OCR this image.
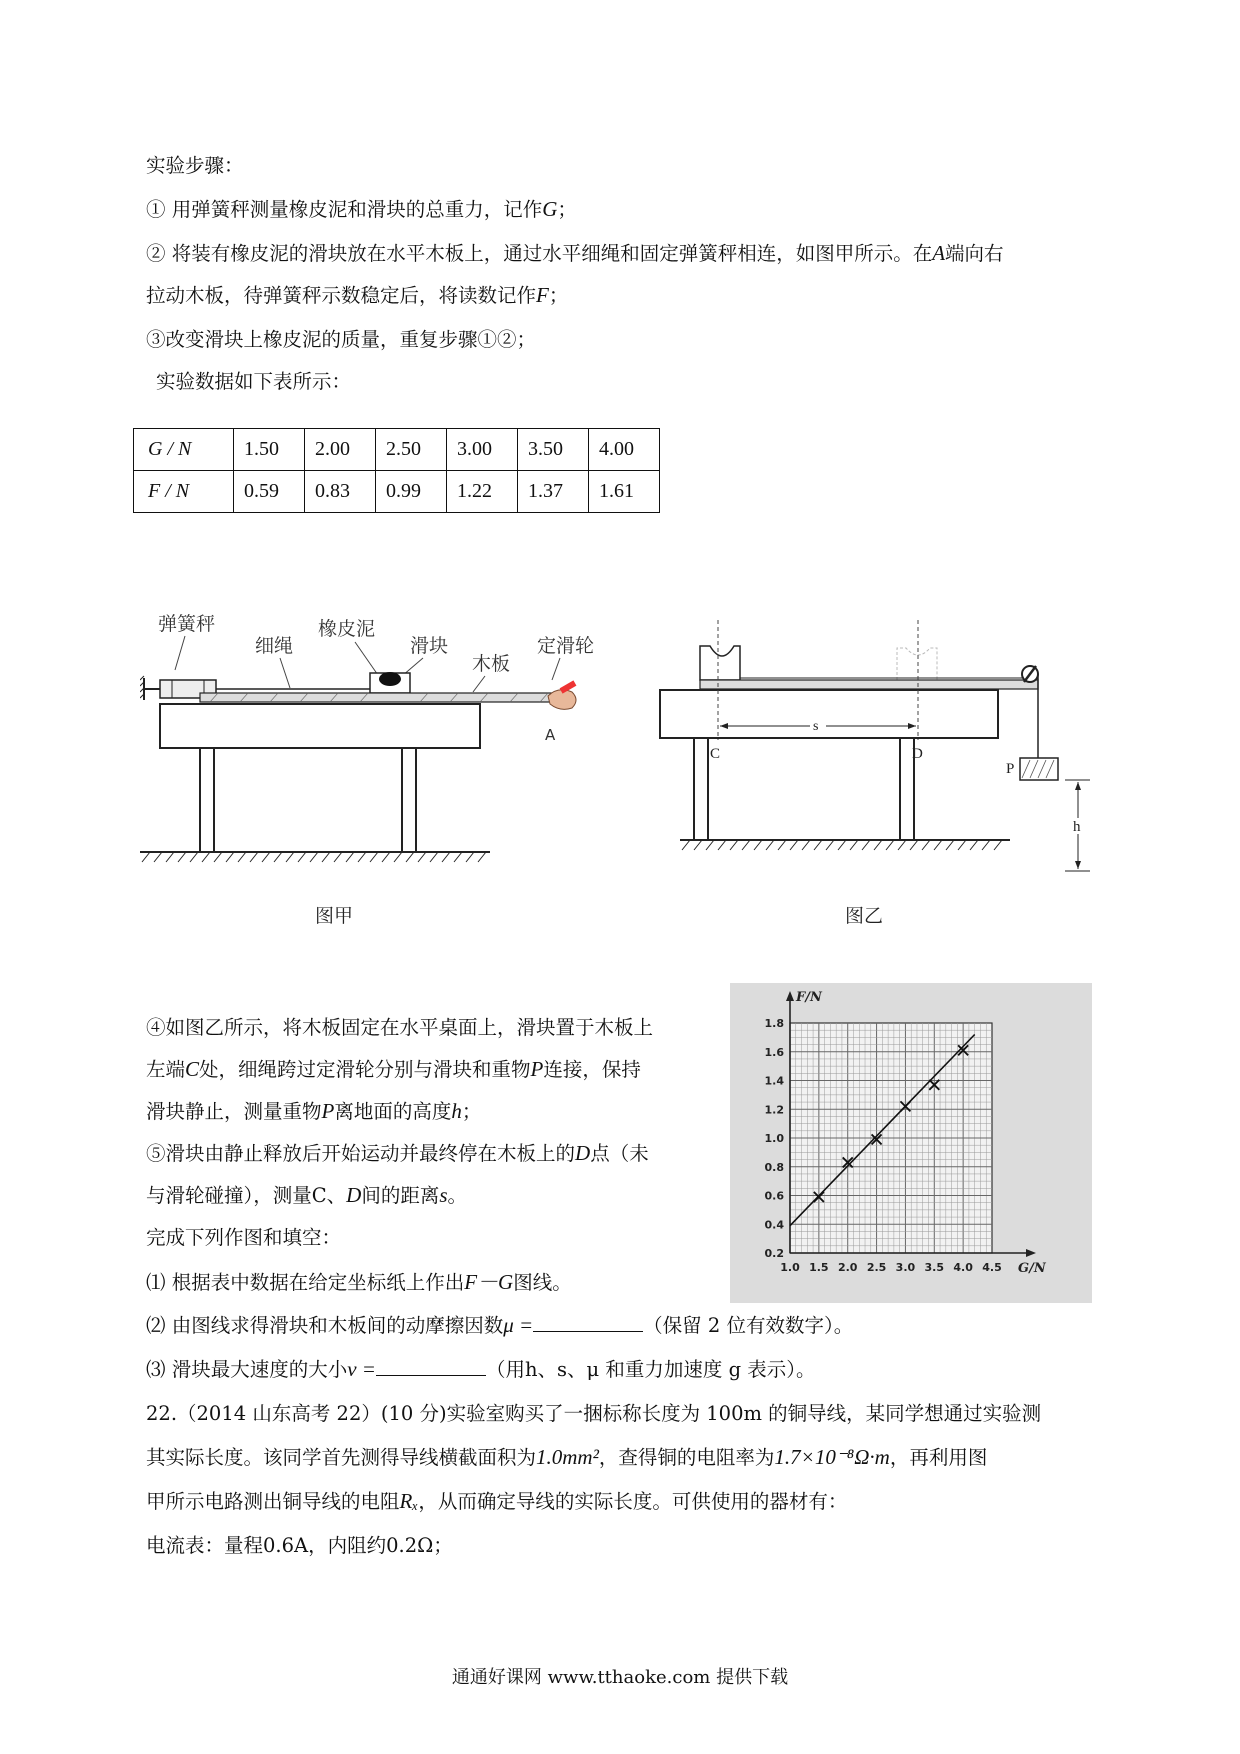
实验步骤：
① 用弹簧秤测量橡皮泥和滑块的总重力，记作G；
② 将装有橡皮泥的滑块放在水平木板上，通过水平细绳和固定弹簧秤相连，如图甲所示。在A端向右
拉动木板，待弹簧秤示数稳定后，将读数记作F；
③改变滑块上橡皮泥的质量，重复步骤①②；
实验数据如下表所示：
G / N	1.50	2.00	2.50	3.00	3.50	4.00
F / N	0.59	0.83	0.99	1.22	1.37	1.61
弹簧秤
细绳
橡皮泥
滑块
木板
定滑轮
A
图甲
P
s
C	D
h
图乙
1.0 1.5 2.0 2.5 3.0 3.5 4.0 4.5
0.2
0.4
0.6
0.8
1.0
1.2
1.4
1.6
1.8
G/N
F/N
④如图乙所示，将木板固定在水平桌面上，滑块置于木板上
左端C处，细绳跨过定滑轮分别与滑块和重物P连接，保持
滑块静止，测量重物P离地面的高度h；
⑤滑块由静止释放后开始运动并最终停在木板上的D点（未
与滑轮碰撞），测量C、D间的距离s。
完成下列作图和填空：
⑴ 根据表中数据在给定坐标纸上作出F－G图线。
⑵ 由图线求得滑块和木板间的动摩擦因数μ =	（保留 2 位有效数字）。
⑶ 滑块最大速度的大小v =	（用h、s、μ 和重力加速度 g 表示）。
22.（2014 山东高考 22）(10 分)实验室购买了一捆标称长度为 100m 的铜导线，某同学想通过实验测
其实际长度。该同学首先测得导线横截面积为1.0mm²，查得铜的电阻率为1.7×10⁻⁸Ω·m，再利用图
甲所示电路测出铜导线的电阻Rₓ，从而确定导线的实际长度。可供使用的器材有：
电流表：量程0.6A，内阻约0.2Ω；
通通好课网 www.tthaoke.com 提供下载
